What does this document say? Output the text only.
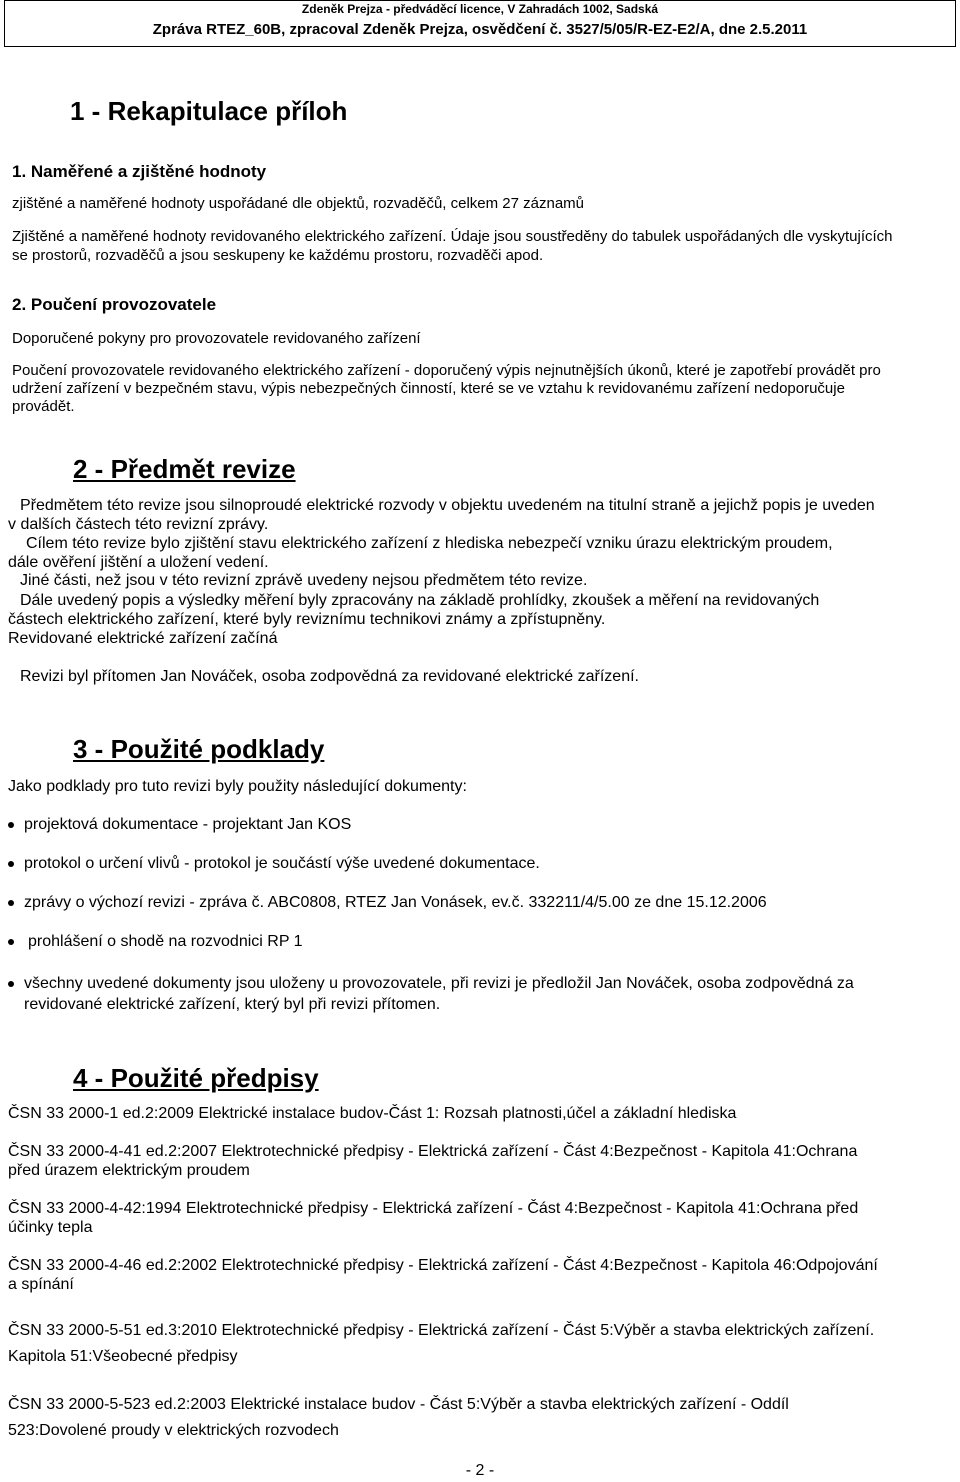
Zdeněk Prejza - předváděcí licence, V Zahradách 1002, Sadská
Zpráva RTEZ_60B, zpracoval Zdeněk Prejza, osvědčení č. 3527/5/05/R-EZ-E2/A, dne 2.5.2011
1 - Rekapitulace příloh
1. Naměřené a zjištěné hodnoty
zjištěné a naměřené hodnoty uspořádané dle objektů, rozvaděčů, celkem 27 záznamů
Zjištěné a naměřené hodnoty revidovaného elektrického zařízení. Údaje jsou soustředěny do tabulek uspořádaných dle vyskytujících
se prostorů, rozvaděčů a jsou seskupeny ke každému prostoru, rozvaděči apod.
2. Poučení provozovatele
Doporučené pokyny pro provozovatele revidovaného zařízení
Poučení provozovatele revidovaného elektrického zařízení - doporučený výpis nejnutnějších úkonů, které je zapotřebí provádět pro
udržení zařízení v bezpečném stavu, výpis nebezpečných činností, které se ve vztahu k revidovanému zařízení nedoporučuje
provádět.
2 - Předmět revize
Předmětem této revize jsou silnoproudé elektrické rozvody v objektu uvedeném na titulní straně a jejichž popis je uveden
v dalších částech této revizní zprávy.
Cílem této revize bylo zjištění stavu elektrického zařízení z hlediska nebezpečí vzniku úrazu elektrickým proudem,
dále ověření jištění a uložení vedení.
Jiné části, než jsou v této revizní zprávě uvedeny nejsou předmětem této revize.
Dále uvedený popis a výsledky měření byly zpracovány na základě prohlídky, zkoušek a měření na revidovaných
částech elektrického zařízení, které byly reviznímu technikovi známy a zpřístupněny.
Revidované elektrické zařízení začíná
Revizi byl přítomen Jan Nováček, osoba zodpovědná za revidované elektrické zařízení.
3 - Použité podklady
Jako podklady pro tuto revizi byly použity následující dokumenty:
projektová dokumentace - projektant Jan KOS
protokol o určení vlivů - protokol je součástí výše uvedené dokumentace.
zprávy o výchozí revizi - zpráva č. ABC0808, RTEZ Jan Vonásek, ev.č. 332211/4/5.00 ze dne 15.12.2006
prohlášení o shodě na rozvodnici RP 1
všechny uvedené dokumenty jsou uloženy u provozovatele, při revizi je předložil Jan Nováček, osoba zodpovědná za
revidované elektrické zařízení, který byl při revizi přítomen.
4 - Použité předpisy
ČSN 33 2000-1 ed.2:2009 Elektrické instalace budov-Část 1: Rozsah platnosti,účel a základní hlediska
ČSN 33 2000-4-41 ed.2:2007 Elektrotechnické předpisy - Elektrická zařízení - Část 4:Bezpečnost - Kapitola 41:Ochrana
před úrazem elektrickým proudem
ČSN 33 2000-4-42:1994 Elektrotechnické předpisy - Elektrická zařízení - Část 4:Bezpečnost - Kapitola 41:Ochrana před
účinky tepla
ČSN 33 2000-4-46 ed.2:2002 Elektrotechnické předpisy - Elektrická zařízení - Část 4:Bezpečnost - Kapitola 46:Odpojování
a spínání
ČSN 33 2000-5-51 ed.3:2010 Elektrotechnické předpisy - Elektrická zařízení - Část 5:Výběr a stavba elektrických zařízení.
Kapitola 51:Všeobecné předpisy
ČSN 33 2000-5-523 ed.2:2003 Elektrické instalace budov - Část 5:Výběr a stavba elektrických zařízení - Oddíl
523:Dovolené proudy v elektrických rozvodech
- 2 -
